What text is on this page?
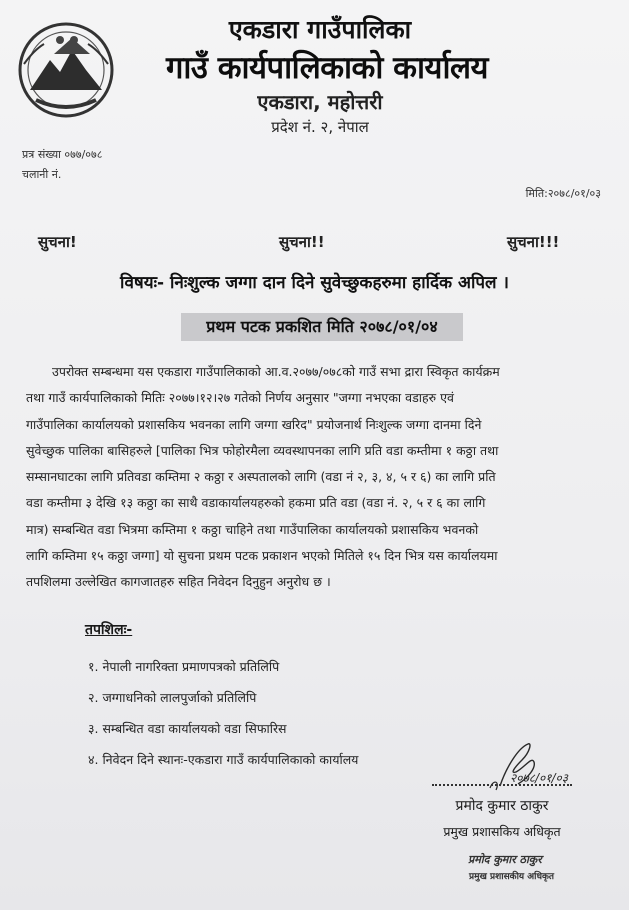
एकडारा गाउँपालिका
गाउँ कार्यपालिकाको कार्यालय
एकडारा, महोत्तरी
प्रदेश नं. २, नेपाल
प्रत्र संख्या ०७७/०७८
चलानी नं.
मिति:२०७८/०१/०३
सुचना!	सुचना!!	सुचना!!!
विषयः- निःशुल्क जग्गा दान दिने सुवेच्छुकहरुमा हार्दिक अपिल ।
प्रथम पटक प्रकशित मिति २०७८/०१/०४
उपरोक्त सम्बन्धमा यस एकडारा गाउँपालिकाको आ.व.२०७७/०७८को गाउँ सभा द्रारा स्विकृत कार्यक्रम
तथा गाउँ कार्यपालिकाको मितिः २०७७।१२।२७ गतेको निर्णय अनुसार "जग्गा नभएका वडाहरु एवं
गाउँपालिका कार्यालयको प्रशासकिय भवनका लागि जग्गा खरिद" प्रयोजनार्थ निःशुल्क जग्गा दानमा दिने
सुवेच्छुक पालिका बासिहरुले [पालिका भित्र फोहोरमैला व्यवस्थापनका लागि प्रति वडा कम्तीमा १ कठ्ठा तथा
सम्सानघाटका लागि प्रतिवडा कम्तिमा २ कठ्ठा र अस्पतालको लागि (वडा नं २, ३, ४, ५ र ६) का लागि प्रति
वडा कम्तीमा ३ देखि १३ कठ्ठा का साथै वडाकार्यालयहरुको हकमा प्रति वडा (वडा नं. २, ५ र ६ का लागि
मात्र) सम्बन्धित वडा भित्रमा कम्तिमा १ कठ्ठा चाहिने तथा गाउँपालिका कार्यालयको प्रशासकिय भवनको
लागि कम्तिमा १५ कठ्ठा जग्गा] यो सुचना प्रथम पटक प्रकाशन भएको मितिले १५ दिन भित्र यस कार्यालयमा
तपशिलमा उल्लेखित कागजातहरु सहित निवेदन दिनुहुन अनुरोध छ ।
तपशिलः-
१. नेपाली नागरिक्ता प्रमाणपत्रको प्रतिलिपि
२. जग्गाधनिको लालपुर्जाको प्रतिलिपि
३. सम्बन्धित वडा कार्यालयको वडा सिफारिस
४. निवेदन दिने स्थानः-एकडारा गाउँ कार्यपालिकाको कार्यालय
२०७८/०१/०३
प्रमोद कुमार ठाकुर
प्रमुख प्रशासकिय अधिकृत
प्रमोद कुमार ठाकुर
प्रमुख प्रशासकीय अधिकृत
